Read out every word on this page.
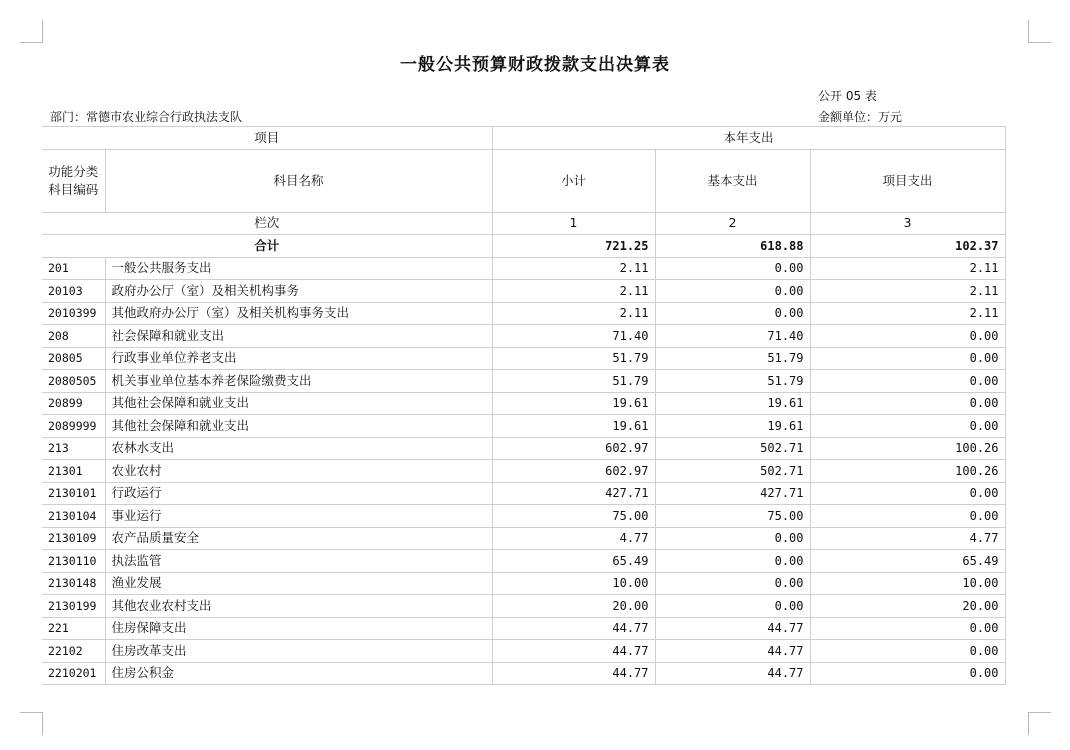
一般公共预算财政拨款支出决算表
公开 05 表
部门：常德市农业综合行政执法支队	金额单位：万元
项目		本年支出		
功能分类科目编码	科目名称	小计	基本支出	项目支出
栏次		1	2	3
合计		721.25	618.88	102.37
201	一般公共服务支出	2.11	0.00	2.11
20103	政府办公厅（室）及相关机构事务	2.11	0.00	2.11
2010399	其他政府办公厅（室）及相关机构事务支出	2.11	0.00	2.11
208	社会保障和就业支出	71.40	71.40	0.00
20805	行政事业单位养老支出	51.79	51.79	0.00
2080505	机关事业单位基本养老保险缴费支出	51.79	51.79	0.00
20899	其他社会保障和就业支出	19.61	19.61	0.00
2089999	其他社会保障和就业支出	19.61	19.61	0.00
213	农林水支出	602.97	502.71	100.26
21301	农业农村	602.97	502.71	100.26
2130101	行政运行	427.71	427.71	0.00
2130104	事业运行	75.00	75.00	0.00
2130109	农产品质量安全	4.77	0.00	4.77
2130110	执法监管	65.49	0.00	65.49
2130148	渔业发展	10.00	0.00	10.00
2130199	其他农业农村支出	20.00	0.00	20.00
221	住房保障支出	44.77	44.77	0.00
22102	住房改革支出	44.77	44.77	0.00
2210201	住房公积金	44.77	44.77	0.00
